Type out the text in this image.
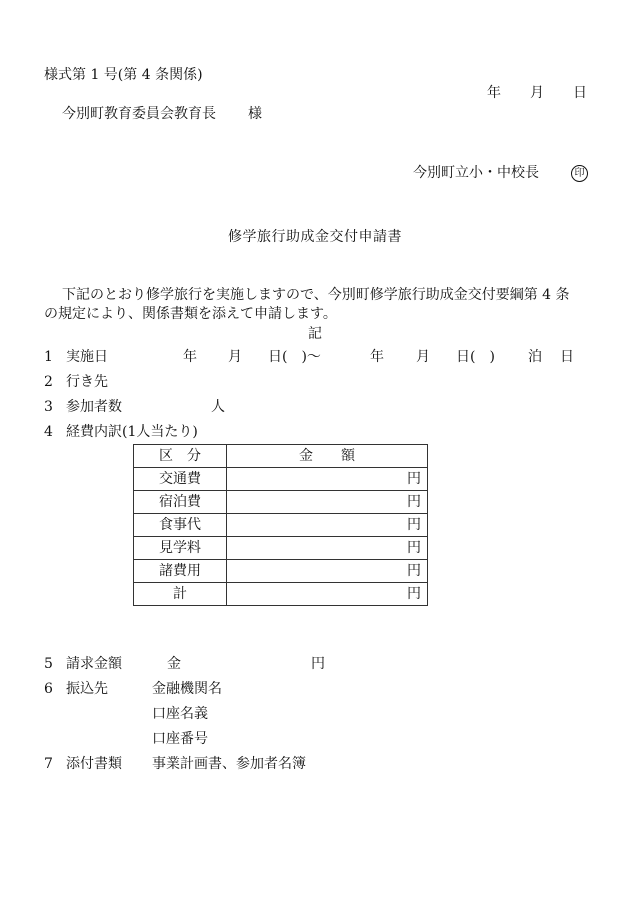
様式第 1 号(第 4 条関係)
年 月 日
今別町教育委員会教育長 様
今別町立小・中校長	印
修学旅行助成金交付申請書
下記のとおり修学旅行を実施しますので、今別町修学旅行助成金交付要綱第 4 条
の規定により、関係書類を添えて申請します。
記
1 実施日	年 月 日(　)～	年 月 日(　) 泊 日
2 行き先
3 参加者数	人
4 経費内訳(1人当たり)
区　分	金　　額
交通費	円
宿泊費	円
食事代	円
見学料	円
諸費用	円
計	円
5 請求金額	金	円
6 振込先	金融機関名
口座名義
口座番号
7 添付書類 事業計画書、参加者名簿
